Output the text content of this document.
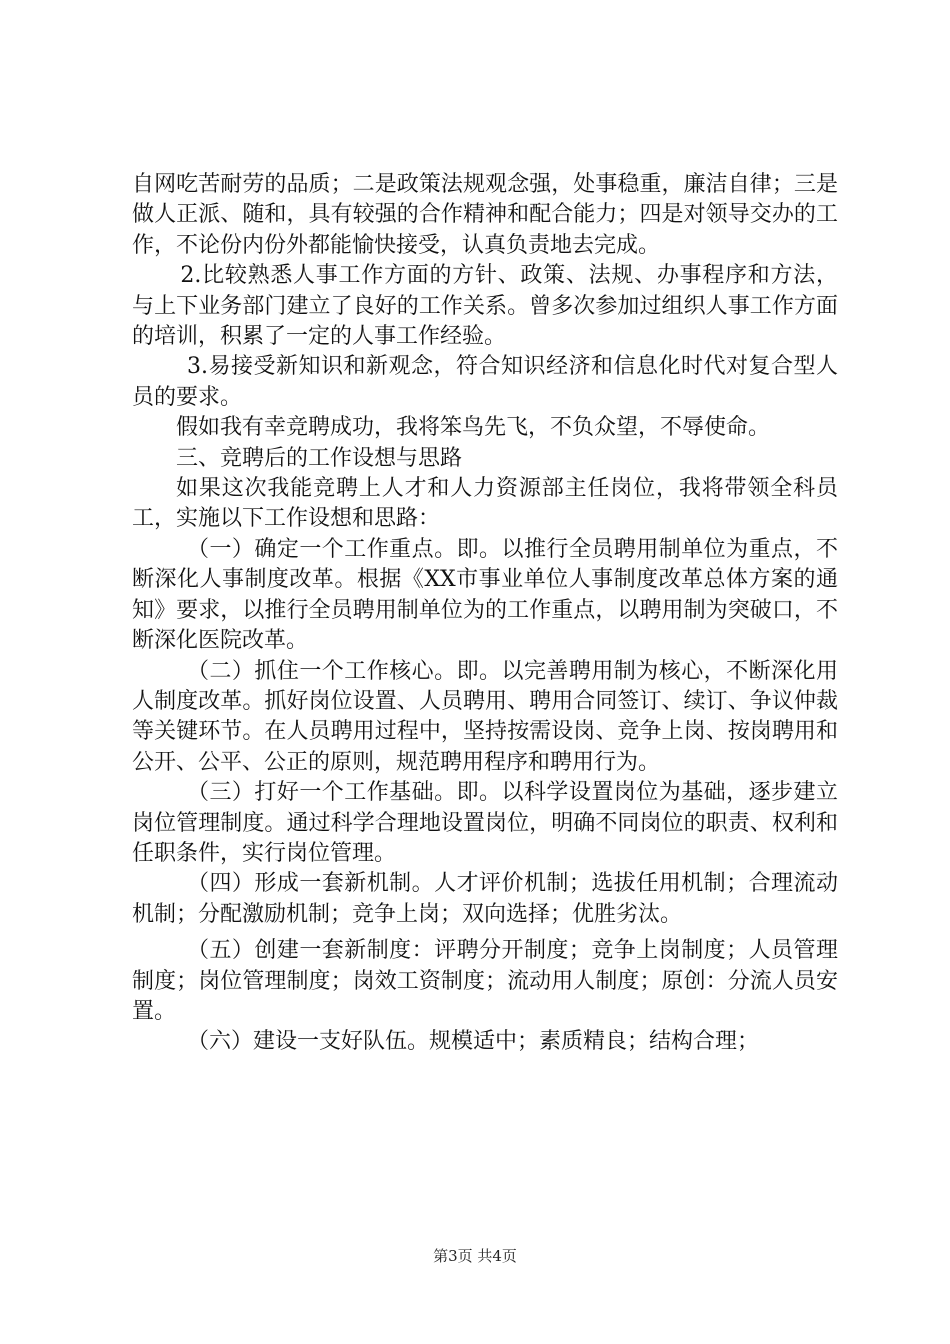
自网吃苦耐劳的品质；二是政策法规观念强，处事稳重，廉洁自律；三是做人正派、随和，具有较强的合作精神和配合能力；四是对领导交办的工作，不论份内份外都能愉快接受，认真负责地去完成。

2.比较熟悉人事工作方面的方针、政策、法规、办事程序和方法，与上下业务部门建立了良好的工作关系。曾多次参加过组织人事工作方面的培训，积累了一定的人事工作经验。

3.易接受新知识和新观念，符合知识经济和信息化时代对复合型人员的要求。

假如我有幸竞聘成功，我将笨鸟先飞，不负众望，不辱使命。

三、竞聘后的工作设想与思路

如果这次我能竞聘上人才和人力资源部主任岗位，我将带领全科员工，实施以下工作设想和思路：

（一）确定一个工作重点。即。以推行全员聘用制单位为重点，不断深化人事制度改革。根据《XX市事业单位人事制度改革总体方案的通知》要求，以推行全员聘用制单位为的工作重点，以聘用制为突破口，不断深化医院改革。

（二）抓住一个工作核心。即。以完善聘用制为核心，不断深化用人制度改革。抓好岗位设置、人员聘用、聘用合同签订、续订、争议仲裁等关键环节。在人员聘用过程中，坚持按需设岗、竞争上岗、按岗聘用和公开、公平、公正的原则，规范聘用程序和聘用行为。

（三）打好一个工作基础。即。以科学设置岗位为基础，逐步建立岗位管理制度。通过科学合理地设置岗位，明确不同岗位的职责、权利和任职条件，实行岗位管理。

（四）形成一套新机制。人才评价机制；选拔任用机制；合理流动机制；分配激励机制；竞争上岗；双向选择；优胜劣汰。

（五）创建一套新制度：评聘分开制度；竞争上岗制度；人员管理制度；岗位管理制度；岗效工资制度；流动用人制度；原创：分流人员安置。

（六）建设一支好队伍。规模适中；素质精良；结构合理；

第3页 共4页
